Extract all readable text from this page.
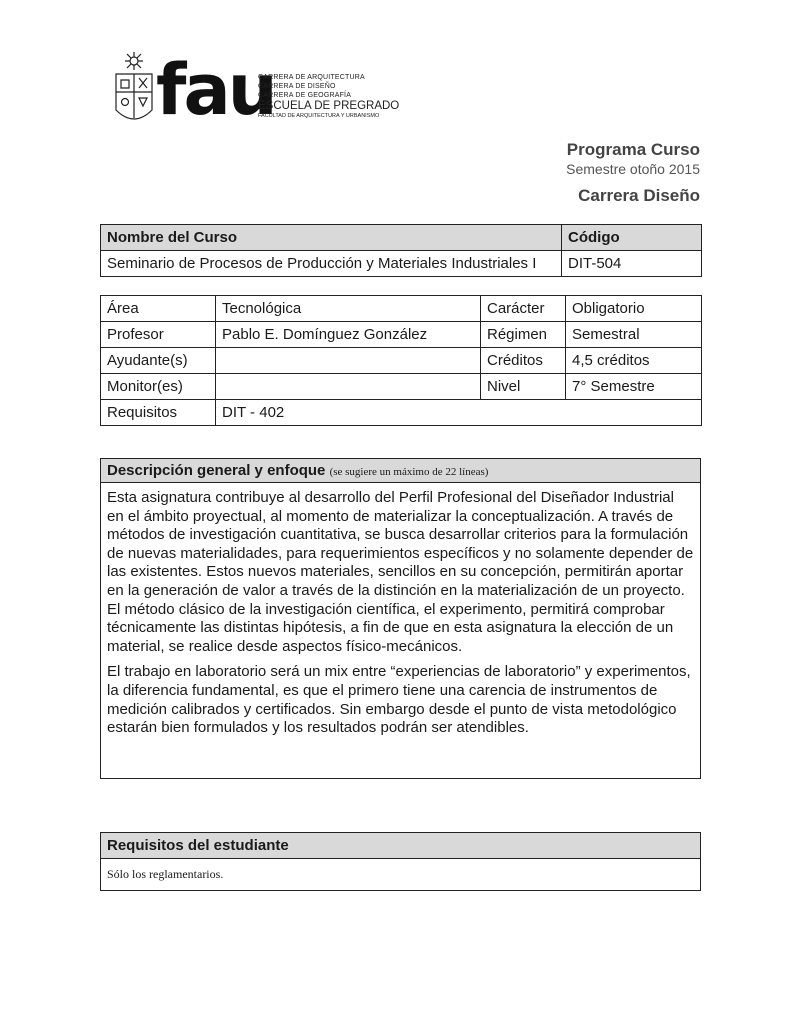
fau
CARRERA DE ARQUITECTURA
CARRERA DE DISEÑO
CARRERA DE GEOGRAFÍA
ESCUELA DE PREGRADO
FACULTAD DE ARQUITECTURA Y URBANISMO
Programa Curso
Semestre otoño 2015
Carrera Diseño
Nombre del Curso	Código
Seminario de Procesos de Producción y Materiales Industriales I	DIT-504
Área	Tecnológica	Carácter	Obligatorio
Profesor	Pablo E. Domínguez González	Régimen	Semestral
Ayudante(s)		Créditos	4,5 créditos
Monitor(es)		Nivel	7° Semestre
Requisitos	DIT - 402		
Descripción general y enfoque (se sugiere un máximo de 22 líneas)

Esta asignatura contribuye al desarrollo del Perfil Profesional del Diseñador Industrial en el ámbito proyectual, al momento de materializar la conceptualización. A través de métodos de investigación cuantitativa, se busca desarrollar criterios para la formulación de nuevas materialidades, para requerimientos específicos y no solamente depender de las existentes. Estos nuevos materiales, sencillos en su concepción, permitirán aportar en la generación de valor a través de la distinción en la materialización de un proyecto. El método clásico de la investigación científica, el experimento, permitirá comprobar técnicamente las distintas hipótesis, a fin de que en esta asignatura la elección de un material, se realice desde aspectos físico-mecánicos.

El trabajo en laboratorio será un mix entre “experiencias de laboratorio” y experimentos, la diferencia fundamental, es que el primero tiene una carencia de instrumentos de medición calibrados y certificados. Sin embargo desde el punto de vista metodológico estarán bien formulados y los resultados podrán ser atendibles.

Requisitos del estudiante
Sólo los reglamentarios.
